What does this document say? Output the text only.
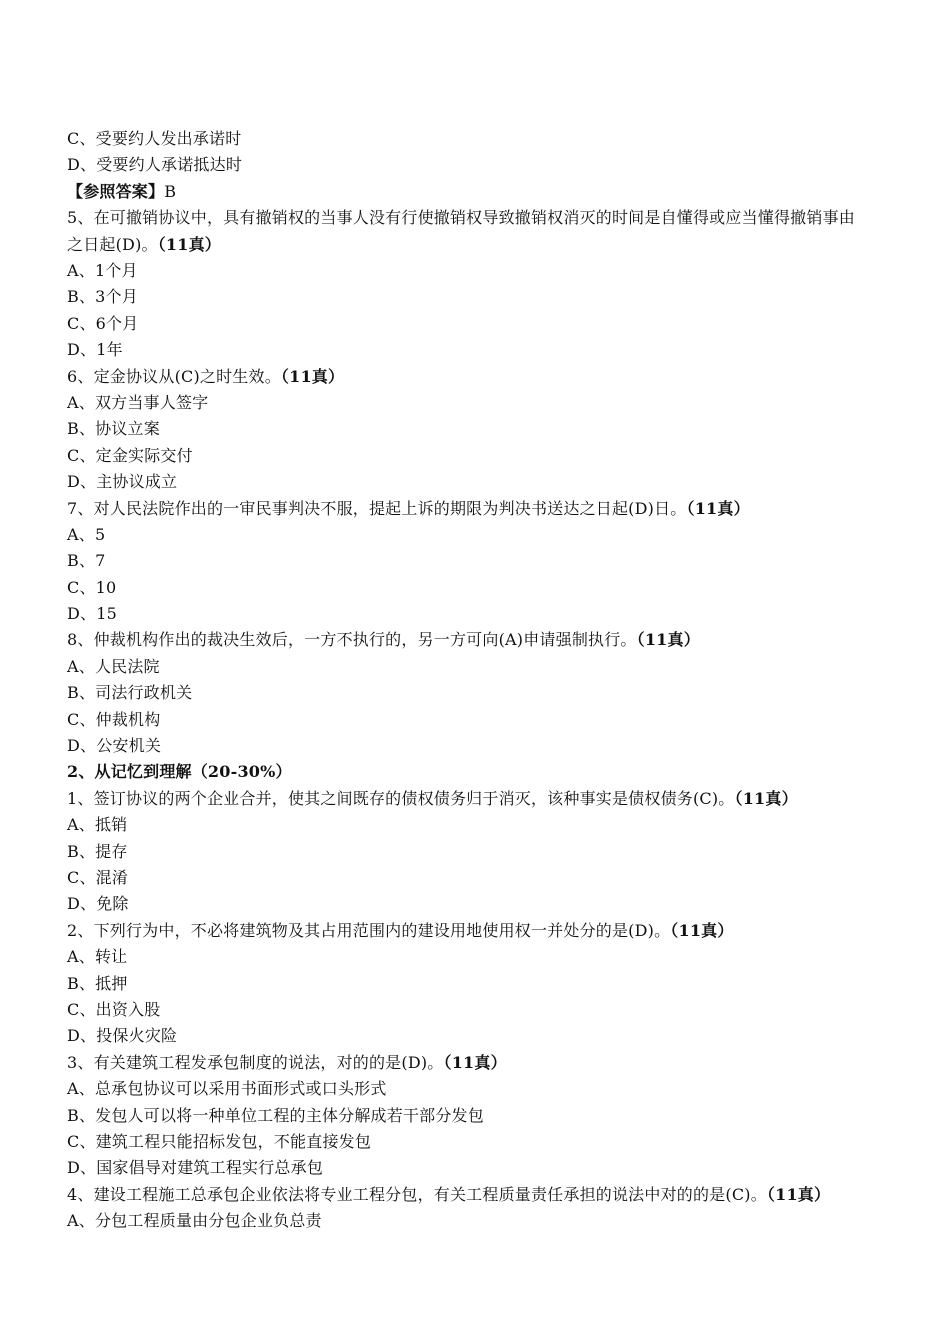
C、受要约人发出承诺时
D、受要约人承诺抵达时
【参照答案】B
5、在可撤销协议中，具有撤销权的当事人没有行使撤销权导致撤销权消灭的时间是自懂得或应当懂得撤销事由之日起(D)。（11真）
A、1个月
B、3个月
C、6个月
D、1年
6、定金协议从(C)之时生效。（11真）
A、双方当事人签字
B、协议立案
C、定金实际交付
D、主协议成立
7、对人民法院作出的一审民事判决不服，提起上诉的期限为判决书送达之日起(D)日。（11真）
A、5
B、7
C、10
D、15
8、仲裁机构作出的裁决生效后，一方不执行的，另一方可向(A)申请强制执行。（11真）
A、人民法院
B、司法行政机关
C、仲裁机构
D、公安机关
2、从记忆到理解（20-30%）
1、签订协议的两个企业合并，使其之间既存的债权债务归于消灭，该种事实是债权债务(C)。（11真）
A、抵销
B、提存
C、混淆
D、免除
2、下列行为中，不必将建筑物及其占用范围内的建设用地使用权一并处分的是(D)。（11真）
A、转让
B、抵押
C、出资入股
D、投保火灾险
3、有关建筑工程发承包制度的说法，对的的是(D)。（11真）
A、总承包协议可以采用书面形式或口头形式
B、发包人可以将一种单位工程的主体分解成若干部分发包
C、建筑工程只能招标发包，不能直接发包
D、国家倡导对建筑工程实行总承包
4、建设工程施工总承包企业依法将专业工程分包，有关工程质量责任承担的说法中对的的是(C)。（11真）
A、分包工程质量由分包企业负总责
